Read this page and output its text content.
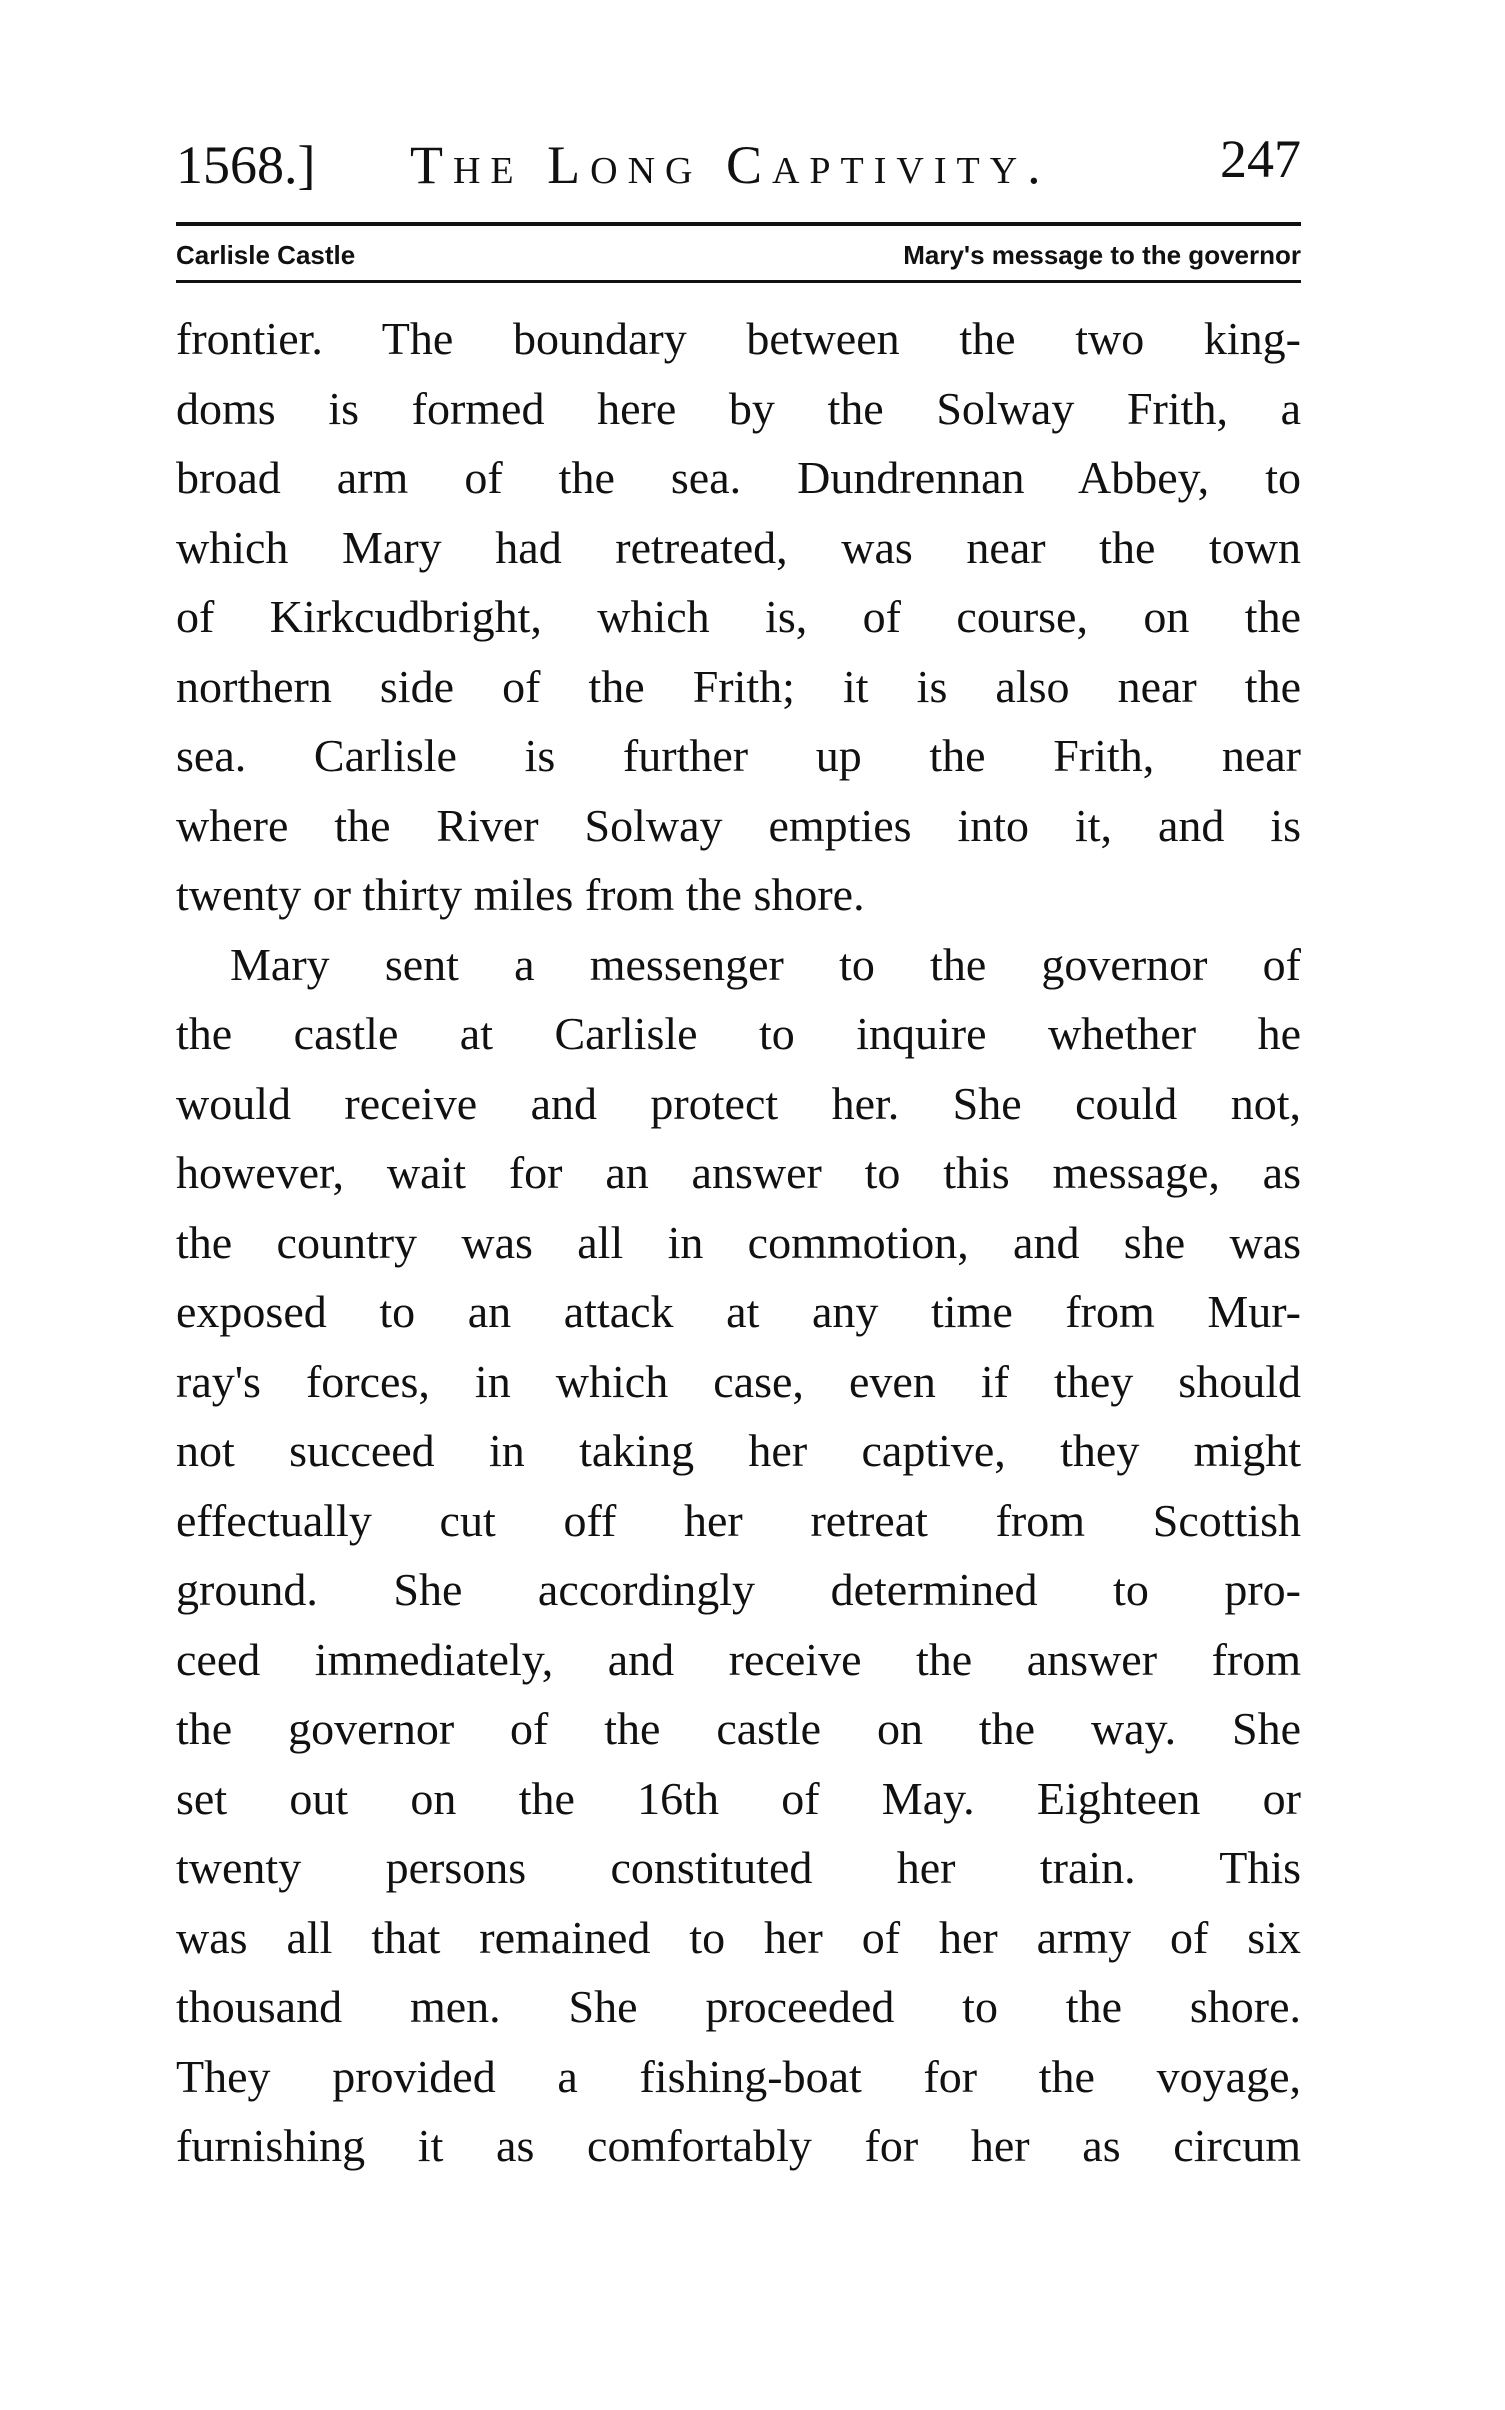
1568.] The Long Captivity.	247
Carlisle Castle	Mary's message to the governor
frontier. The boundary between the two king-
doms is formed here by the Solway Frith, a
broad arm of the sea. Dundrennan Abbey, to
which Mary had retreated, was near the town
of Kirkcudbright, which is, of course, on the
northern side of the Frith; it is also near the
sea. Carlisle is further up the Frith, near
where the River Solway empties into it, and is
twenty or thirty miles from the shore.
Mary sent a messenger to the governor of
the castle at Carlisle to inquire whether he
would receive and protect her. She could not,
however, wait for an answer to this message, as
the country was all in commotion, and she was
exposed to an attack at any time from Mur-
ray's forces, in which case, even if they should
not succeed in taking her captive, they might
effectually cut off her retreat from Scottish
ground. She accordingly determined to pro-
ceed immediately, and receive the answer from
the governor of the castle on the way. She
set out on the 16th of May. Eighteen or
twenty persons constituted her train. This
was all that remained to her of her army of six
thousand men. She proceeded to the shore.
They provided a fishing-boat for the voyage,
furnishing it as comfortably for her as circum
